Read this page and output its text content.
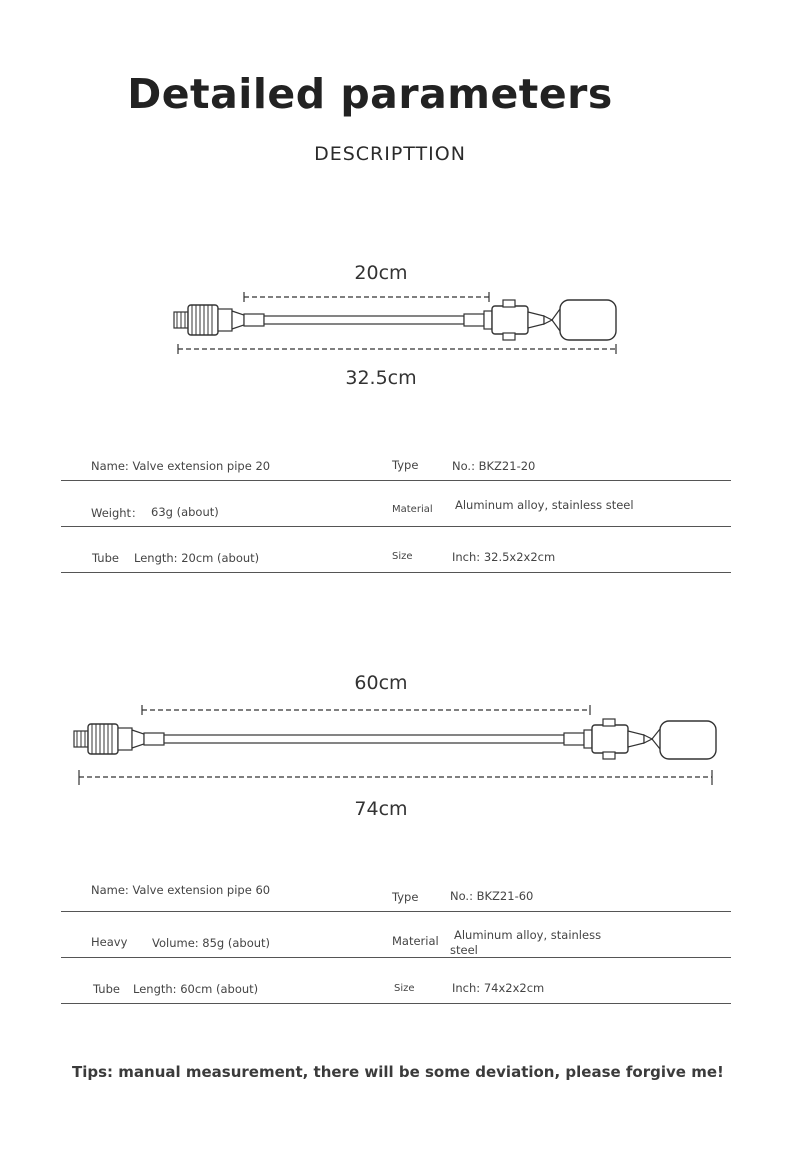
Detailed parameters
DESCRIPTTION
20cm
32.5cm
Name: Valve extension pipe 20	Type	No.: BKZ21-20
Weight： 63g (about)	Material Aluminum alloy, stainless steel
Tube Length: 20cm (about)	Size	Inch: 32.5x2x2cm
60cm
74cm
Name: Valve extension pipe 60	Type	No.: BKZ21-60
Heavy Volume: 85g (about)	Material Aluminum alloy, stainless
steel
Tube Length: 60cm (about)	Size	Inch: 74x2x2cm
Tips: manual measurement, there will be some deviation, please forgive me!
